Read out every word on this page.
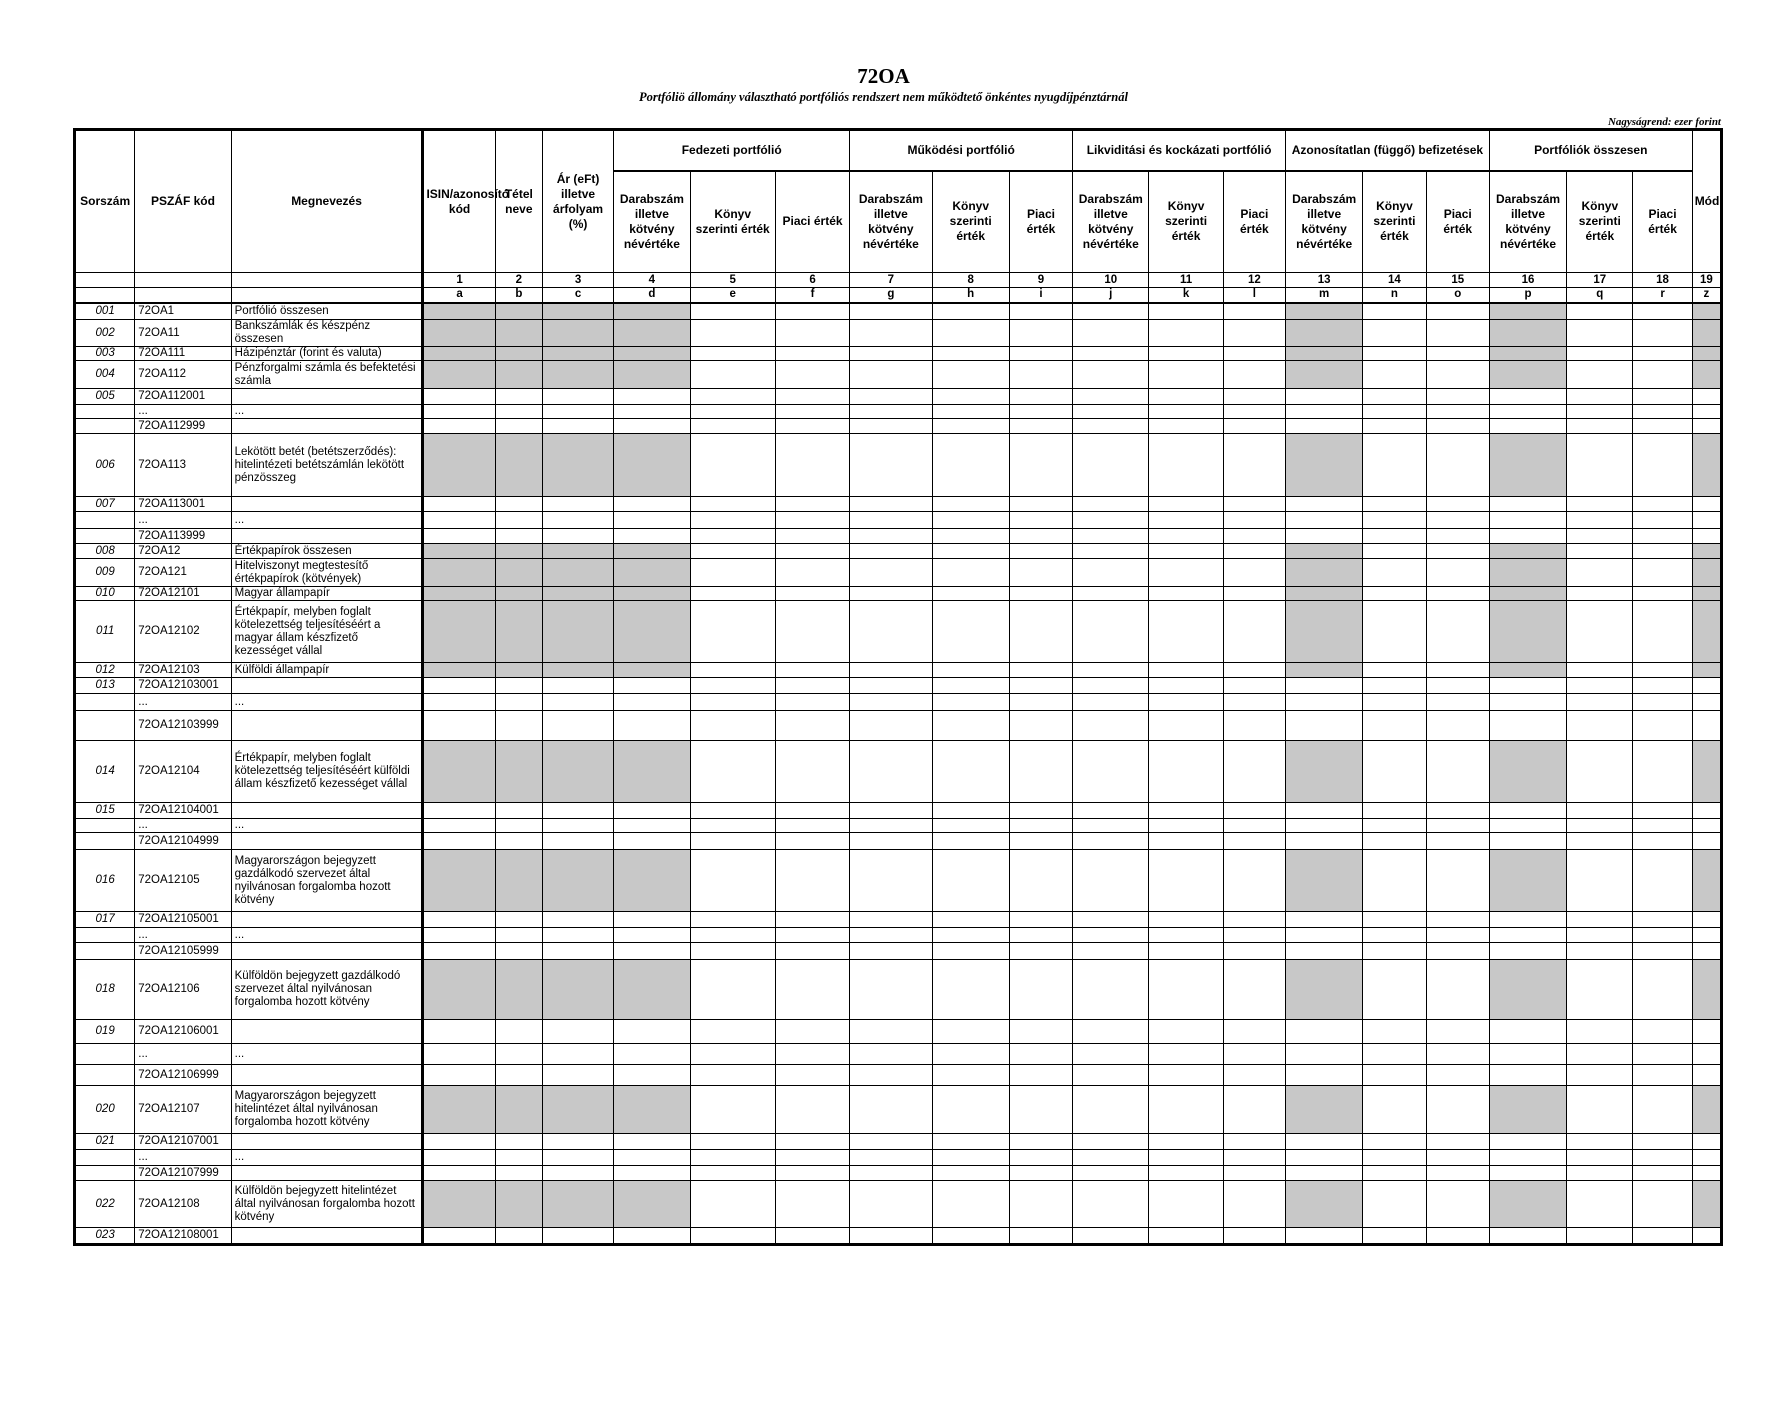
72OA
Portfóliö állomány választható portfóliós rendszert nem működtető önkéntes nyugdíjpénztárnál
Nagyságrend: ezer forint
Sorszám	PSZÁF kód	Megnevezés	ISIN/azonosító kód	Tétel neve	Ár (eFt) illetve árfolyam (%)	Fedezeti portfólió			Működési portfólió			Likviditási és kockázati portfólió			Azonosítatlan (függő) befizetések			Portfóliók összesen			Mód
						Darabszám illetve kötvény névértéke	Könyv szerinti érték	Piaci érték	Darabszám illetve kötvény névértéke	Könyv szerinti érték	Piaci érték	Darabszám illetve kötvény névértéke	Könyv szerinti érték	Piaci érték	Darabszám illetve kötvény névértéke	Könyv szerinti érték	Piaci érték	Darabszám illetve kötvény névértéke	Könyv szerinti érték	Piaci érték	
			1	2	3	4	5	6	7	8	9	10	11	12	13	14	15	16	17	18	19
			a	b	c	d	e	f	g	h	i	j	k	l	m	n	o	p	q	r	z
001	72OA1	Portfólió összesen																			
002	72OA11	Bankszámlák és készpénz összesen																			
003	72OA111	Házipénztár (forint és valuta)																			
004	72OA112	Pénzforgalmi számla és befektetési számla																			
005	72OA112001																				
	...	...																			
	72OA112999																				
006	72OA113	Lekötött betét (betétszerződés): hitelintézeti betétszámlán lekötött pénzösszeg																			
007	72OA113001																				
	...	...																			
	72OA113999																				
008	72OA12	Értékpapírok összesen																			
009	72OA121	Hitelviszonyt megtestesítő értékpapírok (kötvények)																			
010	72OA12101	Magyar állampapír																			
011	72OA12102	Értékpapír, melyben foglalt kötelezettség teljesítéséért a magyar állam készfizető kezességet vállal																			
012	72OA12103	Külföldi állampapír																			
013	72OA12103001																				
	...	...																			
	72OA12103999																				
014	72OA12104	Értékpapír, melyben foglalt kötelezettség teljesítéséért külföldi állam készfizető kezességet vállal																			
015	72OA12104001																				
	...	...																			
	72OA12104999																				
016	72OA12105	Magyarországon bejegyzett gazdálkodó szervezet által nyilvánosan forgalomba hozott kötvény																			
017	72OA12105001																				
	...	...																			
	72OA12105999																				
018	72OA12106	Külföldön bejegyzett gazdálkodó szervezet által nyilvánosan forgalomba hozott kötvény																			
019	72OA12106001																				
	...	...																			
	72OA12106999																				
020	72OA12107	Magyarországon bejegyzett hitelintézet által nyilvánosan forgalomba hozott kötvény																			
021	72OA12107001																				
	...	...																			
	72OA12107999																				
022	72OA12108	Külföldön bejegyzett hitelintézet által nyilvánosan forgalomba hozott kötvény																			
023	72OA12108001																				
